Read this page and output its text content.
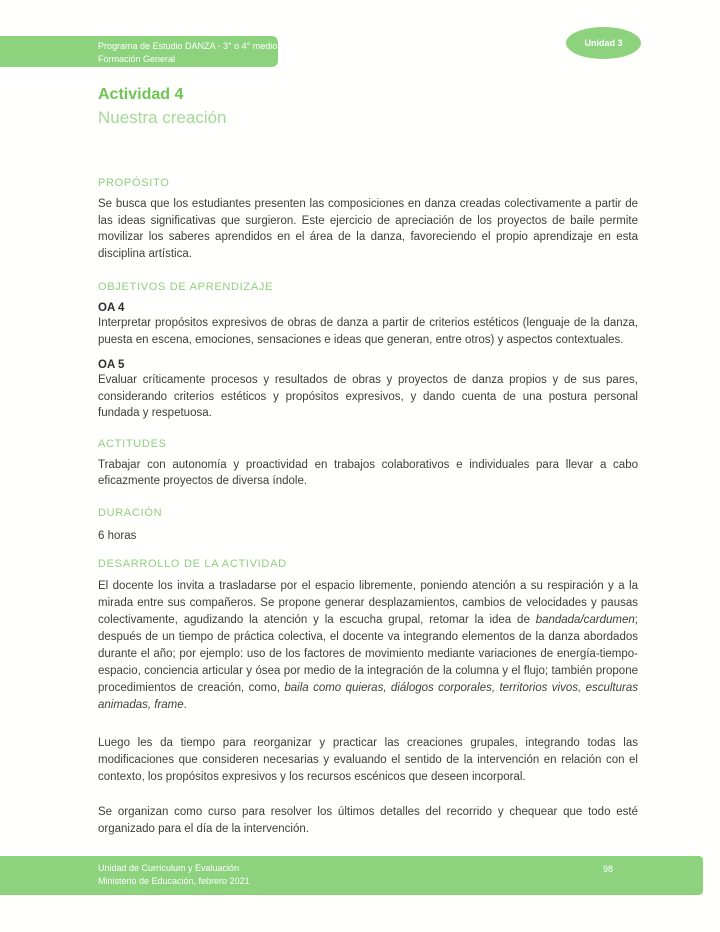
Programa de Estudio DANZA - 3° o 4° medio
Formación General
Unidad 3
Actividad 4
Nuestra creación
PROPÓSITO

Se busca que los estudiantes presenten las composiciones en danza creadas colectivamente a partir de las ideas significativas que surgieron. Este ejercicio de apreciación de los proyectos de baile permite movilizar los saberes aprendidos en el área de la danza, favoreciendo el propio aprendizaje en esta disciplina artística.

OBJETIVOS DE APRENDIZAJE
OA 4

Interpretar propósitos expresivos de obras de danza a partir de criterios estéticos (lenguaje de la danza, puesta en escena, emociones, sensaciones e ideas que generan, entre otros) y aspectos contextuales.

OA 5

Evaluar críticamente procesos y resultados de obras y proyectos de danza propios y de sus pares, considerando criterios estéticos y propósitos expresivos, y dando cuenta de una postura personal fundada y respetuosa.

ACTITUDES

Trabajar con autonomía y proactividad en trabajos colaborativos e individuales para llevar a cabo eficazmente proyectos de diversa índole.

DURACIÓN
6 horas
DESARROLLO DE LA ACTIVIDAD

El docente los invita a trasladarse por el espacio libremente, poniendo atención a su respiración y a la mirada entre sus compañeros. Se propone generar desplazamientos, cambios de velocidades y pausas colectivamente, agudizando la atención y la escucha grupal, retomar la idea de bandada/cardumen; después de un tiempo de práctica colectiva, el docente va integrando elementos de la danza abordados durante el año; por ejemplo: uso de los factores de movimiento mediante variaciones de energía-tiempo-espacio, conciencia articular y ósea por medio de la integración de la columna y el flujo; también propone procedimientos de creación, como, baila como quieras, diálogos corporales, territorios vivos, esculturas animadas, frame.

Luego les da tiempo para reorganizar y practicar las creaciones grupales, integrando todas las modificaciones que consideren necesarias y evaluando el sentido de la intervención en relación con el contexto, los propósitos expresivos y los recursos escénicos que deseen incorporal.

Se organizan como curso para resolver los últimos detalles del recorrido y chequear que todo esté organizado para el día de la intervención.

Unidad de Currículum y Evaluación
Ministerio de Educación, febrero 2021
98
